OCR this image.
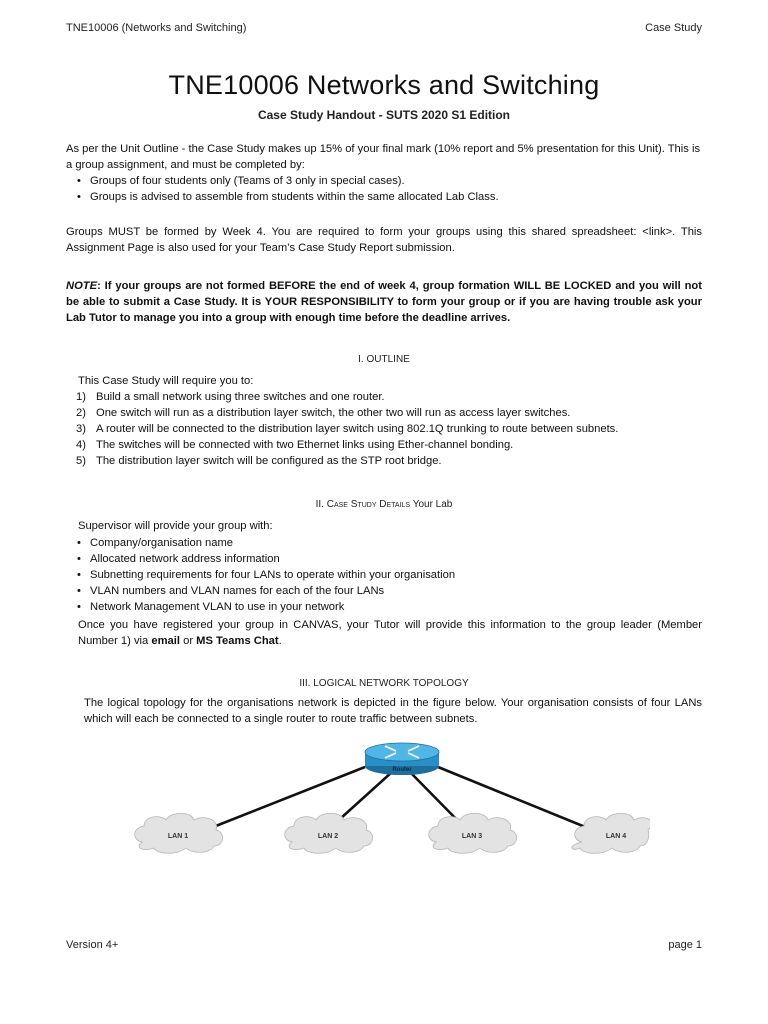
TNE10006 (Networks and Switching)	Case Study
TNE10006 Networks and Switching
Case Study Handout - SUTS 2020 S1 Edition
As per the Unit Outline - the Case Study makes up 15% of your final mark (10% report and 5% presentation for this Unit). This is a group assignment, and must be completed by:
• Groups of four students only (Teams of 3 only in special cases).
• Groups is advised to assemble from students within the same allocated Lab Class.
Groups MUST be formed by Week 4. You are required to form your groups using this shared spreadsheet: <link>. This Assignment Page is also used for your Team’s Case Study Report submission.
NOTE: If your groups are not formed BEFORE the end of week 4, group formation WILL BE LOCKED and you will not be able to submit a Case Study. It is YOUR RESPONSIBILITY to form your group or if you are having trouble ask your Lab Tutor to manage you into a group with enough time before the deadline arrives.
I. OUTLINE
This Case Study will require you to:
1) Build a small network using three switches and one router.
2) One switch will run as a distribution layer switch, the other two will run as access layer switches.
3) A router will be connected to the distribution layer switch using 802.1Q trunking to route between subnets.
4) The switches will be connected with two Ethernet links using Ether-channel bonding.
5) The distribution layer switch will be configured as the STP root bridge.
II. Case Study Details Your Lab
Supervisor will provide your group with:
• Company/organisation name
• Allocated network address information
• Subnetting requirements for four LANs to operate within your organisation
• VLAN numbers and VLAN names for each of the four LANs
• Network Management VLAN to use in your network
Once you have registered your group in CANVAS, your Tutor will provide this information to the group leader (Member Number 1) via email or MS Teams Chat.
III. LOGICAL NETWORK TOPOLOGY
The logical topology for the organisations network is depicted in the figure below. Your organisation consists of four LANs which will each be connected to a single router to route traffic between subnets.
Router
LAN 1	LAN 2	LAN 3	LAN 4
Version 4+	page 1
